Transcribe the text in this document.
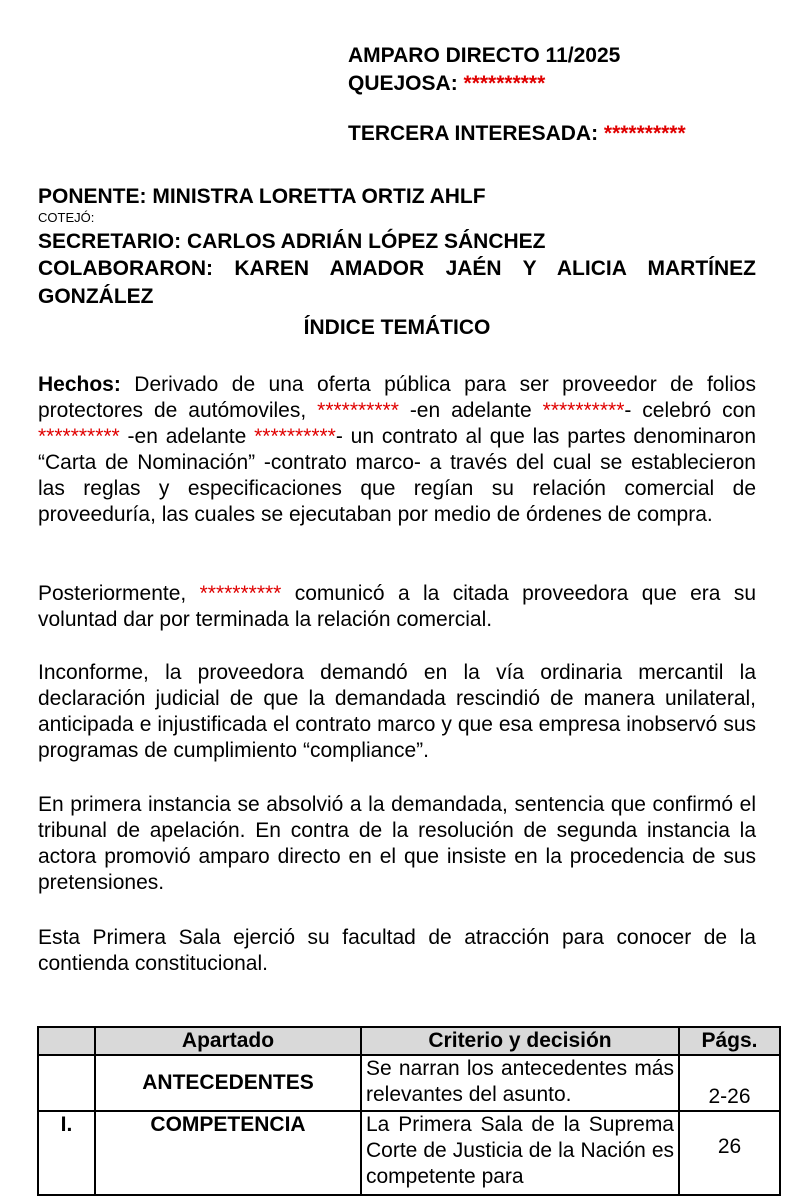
AMPARO DIRECTO 11/2025
QUEJOSA: **********
TERCERA INTERESADA: **********
PONENTE: MINISTRA LORETTA ORTIZ AHLF
COTEJÓ:
SECRETARIO: CARLOS ADRIÁN LÓPEZ SÁNCHEZ
COLABORARON: KAREN AMADOR JAÉN Y ALICIA MARTÍNEZ
GONZÁLEZ
ÍNDICE TEMÁTICO
Hechos: Derivado de una oferta pública para ser proveedor de folios protectores de autómoviles, ********** -en adelante **********- celebró con ********** -en adelante **********- un contrato al que las partes denominaron “Carta de Nominación” -contrato marco- a través del cual se establecieron las reglas y especificaciones que regían su relación comercial de proveeduría, las cuales se ejecutaban por medio de órdenes de compra.
Posteriormente, ********** comunicó a la citada proveedora que era su voluntad dar por terminada la relación comercial.
Inconforme, la proveedora demandó en la vía ordinaria mercantil la declaración judicial de que la demandada rescindió de manera unilateral, anticipada e injustificada el contrato marco y que esa empresa inobservó sus programas de cumplimiento “compliance”.
En primera instancia se absolvió a la demandada, sentencia que confirmó el tribunal de apelación. En contra de la resolución de segunda instancia la actora promovió amparo directo en el que insiste en la procedencia de sus pretensiones.
Esta Primera Sala ejerció su facultad de atracción para conocer de la contienda constitucional.
	Apartado	Criterio y decisión	Págs.
	ANTECEDENTES	Se narran los antecedentes más relevantes del asunto.	2-26
I.	COMPETENCIA	La Primera Sala de la Suprema Corte de Justicia de la Nación es competente para	26
